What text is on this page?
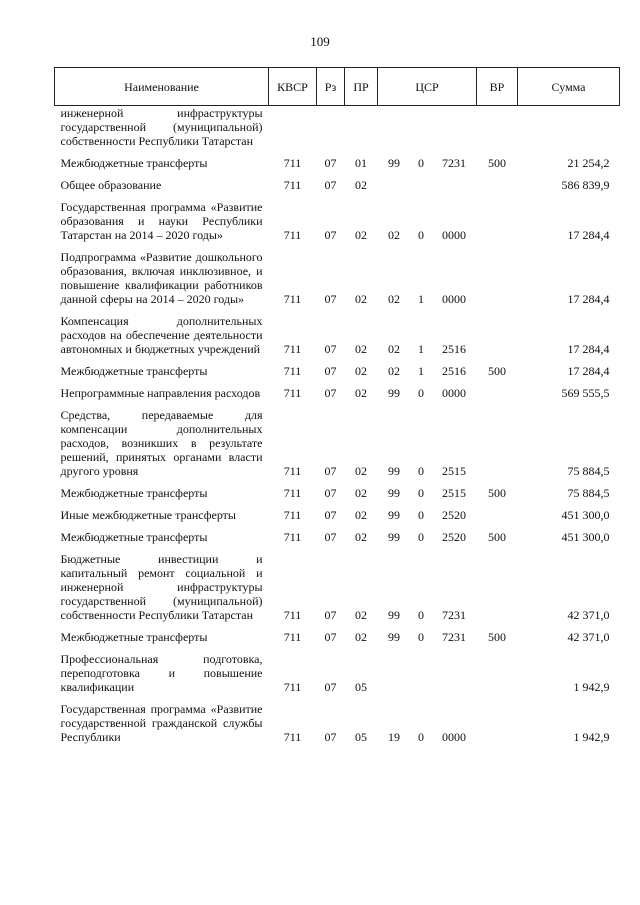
109
Наименование	КВСР	Рз	ПР	ЦСР			ВР	Сумма
инженерной инфраструктуры государственной (муниципальной) собственности Республики Татарстан								
Межбюджетные трансферты	711	07	01	99	0	7231	500	21 254,2
Общее образование	711	07	02					586 839,9
Государственная программа «Развитие образования и науки Республики Татарстан на 2014 – 2020 годы»	711	07	02	02	0	0000		17 284,4
Подпрограмма «Развитие дошкольного образования, включая инклюзивное, и повышение квалификации работников данной сферы на 2014 – 2020 годы»	711	07	02	02	1	0000		17 284,4
Компенсация дополнительных расходов на обеспечение деятельности автономных и бюджетных учреждений	711	07	02	02	1	2516		17 284,4
Межбюджетные трансферты	711	07	02	02	1	2516	500	17 284,4
Непрограммные направления расходов	711	07	02	99	0	0000		569 555,5
Средства, передаваемые для компенсации дополнительных расходов, возникших в результате решений, принятых органами власти другого уровня	711	07	02	99	0	2515		75 884,5
Межбюджетные трансферты	711	07	02	99	0	2515	500	75 884,5
Иные межбюджетные трансферты	711	07	02	99	0	2520		451 300,0
Межбюджетные трансферты	711	07	02	99	0	2520	500	451 300,0
Бюджетные инвестиции и капитальный ремонт социальной и инженерной инфраструктуры государственной (муниципальной) собственности Республики Татарстан	711	07	02	99	0	7231		42 371,0
Межбюджетные трансферты	711	07	02	99	0	7231	500	42 371,0
Профессиональная подготовка, переподготовка и повышение квалификации	711	07	05					1 942,9
Государственная программа «Развитие государственной гражданской службы Республики	711	07	05	19	0	0000		1 942,9
